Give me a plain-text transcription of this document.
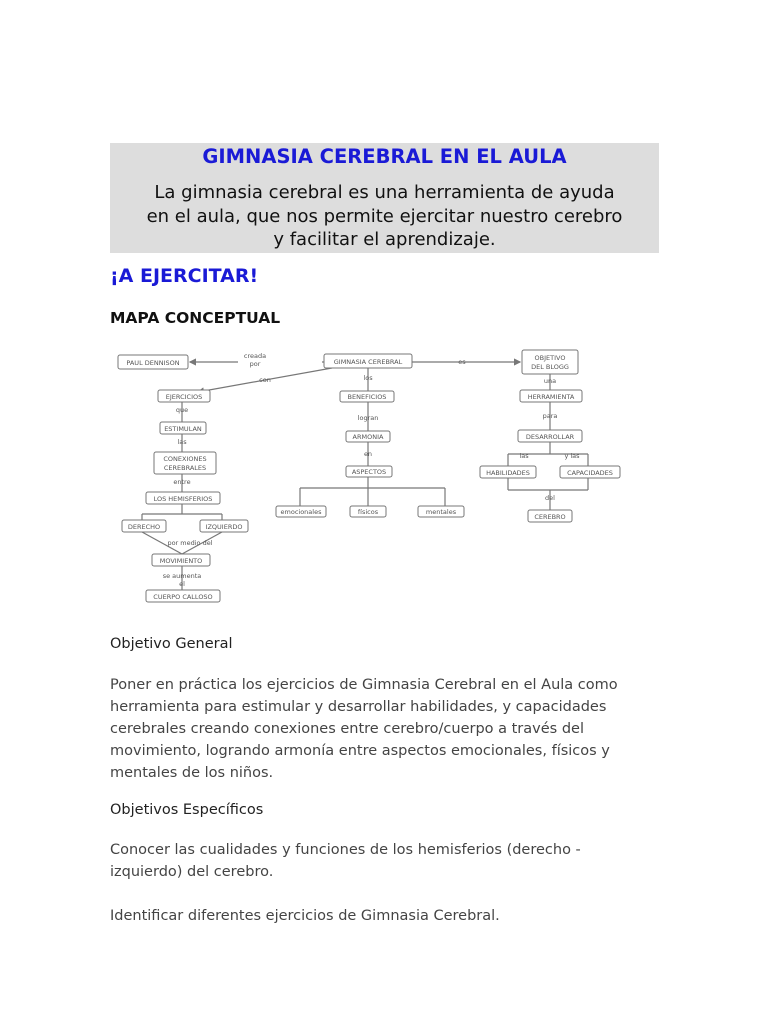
GIMNASIA CEREBRAL EN EL AULA
La gimnasia cerebral es una herramienta de ayuda
en el aula, que nos permite ejercitar nuestro cerebro
y facilitar el aprendizaje.
¡A EJERCITAR!
MAPA CONCEPTUAL
creada
por	es
con
que
las
entre
por medio del
se aumenta
el
los
logran
en
una
para
las	y las
del
PAUL DENNISON	GIMNASIA CEREBRAL	OBJETIVO
DEL BLOGG
EJERCICIOS
ESTIMULAN
CONEXIONES
CEREBRALES
LOS HEMISFERIOS
DERECHO	IZQUIERDO
MOVIMIENTO
CUERPO CALLOSO
BENEFICIOS
ARMONIA
ASPECTOS
emocionales	físicos	mentales
HERRAMIENTA
DESARROLLAR
HABILIDADES	CAPACIDADES
CEREBRO
Objetivo General

Poner en práctica los ejercicios de Gimnasia Cerebral en el Aula como
herramienta para estimular y desarrollar habilidades, y capacidades
cerebrales creando conexiones entre cerebro/cuerpo a través del
movimiento, logrando armonía entre aspectos emocionales, físicos y
mentales de los niños.

Objetivos Específicos

Conocer las cualidades y funciones de los hemisferios (derecho -
izquierdo) del cerebro.

Identificar diferentes ejercicios de Gimnasia Cerebral.
